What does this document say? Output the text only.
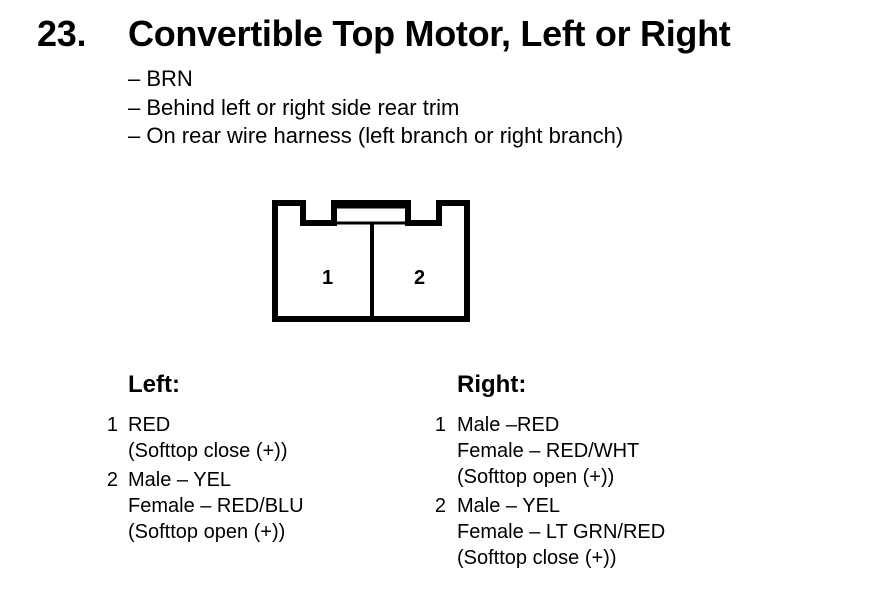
23. Convertible Top Motor, Left or Right
– BRN
– Behind left or right side rear trim
– On rear wire harness (left branch or right branch)
1	2
Left:
1 RED
(Softtop close (+))
2 Male – YEL
Female – RED/BLU
(Softtop open (+))
Right:
1 Male –RED
Female – RED/WHT
(Softtop open (+))
2 Male – YEL
Female – LT GRN/RED
(Softtop close (+))
